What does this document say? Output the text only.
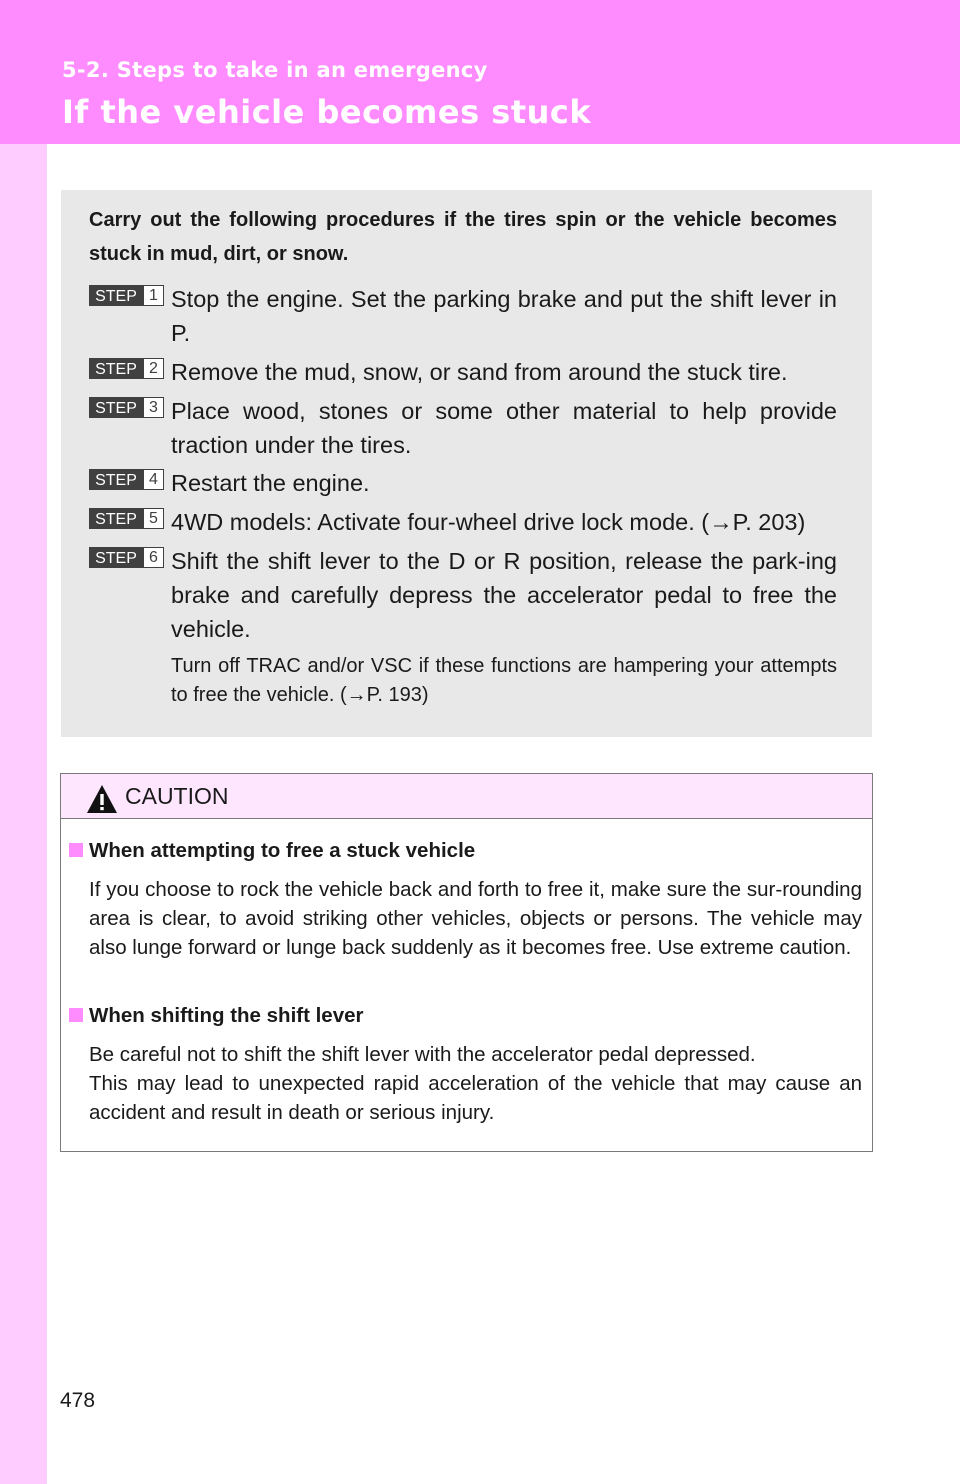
5-2. Steps to take in an emergency
If the vehicle becomes stuck
Carry out the following procedures if the tires spin or the vehicle becomes stuck in mud, dirt, or snow.
STEP 1 Stop the engine. Set the parking brake and put the shift lever in P.
STEP 2 Remove the mud, snow, or sand from around the stuck tire.
STEP 3 Place wood, stones or some other material to help provide traction under the tires.
STEP 4 Restart the engine.
STEP 5 4WD models: Activate four-wheel drive lock mode. (→P. 203)
STEP 6 Shift the shift lever to the D or R position, release the park-ing brake and carefully depress the accelerator pedal to free the vehicle.
Turn off TRAC and/or VSC if these functions are hampering your attempts to free the vehicle. (→P. 193)
CAUTION
When attempting to free a stuck vehicle
If you choose to rock the vehicle back and forth to free it, make sure the sur-rounding area is clear, to avoid striking other vehicles, objects or persons. The vehicle may also lunge forward or lunge back suddenly as it becomes free. Use extreme caution.
When shifting the shift lever
Be careful not to shift the shift lever with the accelerator pedal depressed.
This may lead to unexpected rapid acceleration of the vehicle that may cause an accident and result in death or serious injury.
478
